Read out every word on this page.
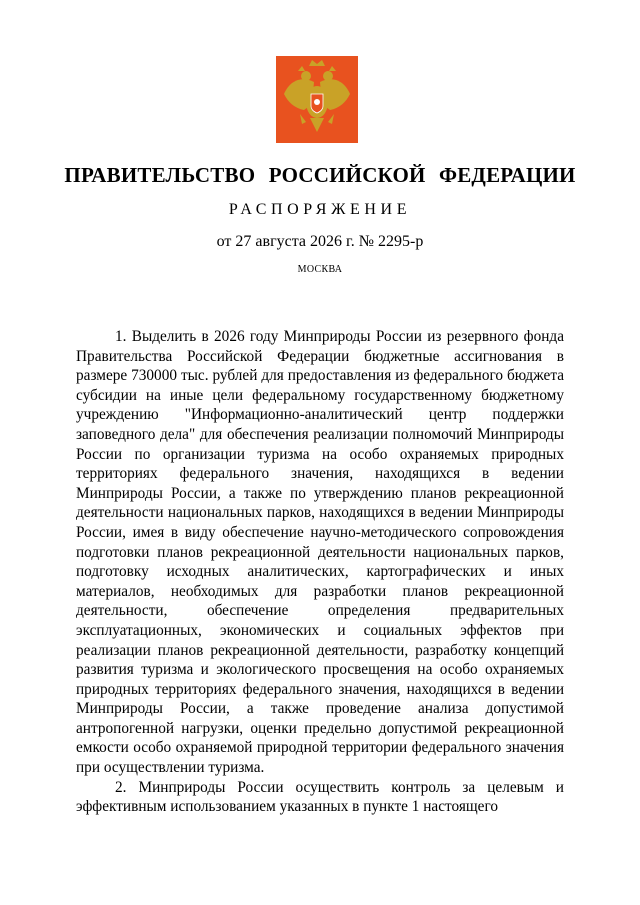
ПРАВИТЕЛЬСТВО РОССИЙСКОЙ ФЕДЕРАЦИИ
РАСПОРЯЖЕНИЕ
от 27 августа 2026 г. № 2295-р
МОСКВА

1. Выделить в 2026 году Минприроды России из резервного фонда Правительства Российской Федерации бюджетные ассигнования в размере 730000 тыс. рублей для предоставления из федерального бюджета субсидии на иные цели федеральному государственному бюджетному учреждению "Информационно-аналитический центр поддержки заповедного дела" для обеспечения реализации полномочий Минприроды России по организации туризма на особо охраняемых природных территориях федерального значения, находящихся в ведении Минприроды России, а также по утверждению планов рекреационной деятельности национальных парков, находящихся в ведении Минприроды России, имея в виду обеспечение научно-методического сопровождения подготовки планов рекреационной деятельности национальных парков, подготовку исходных аналитических, картографических и иных материалов, необходимых для разработки планов рекреационной деятельности, обеспечение определения предварительных эксплуатационных, экономических и социальных эффектов при реализации планов рекреационной деятельности, разработку концепций развития туризма и экологического просвещения на особо охраняемых природных территориях федерального значения, находящихся в ведении Минприроды России, а также проведение анализа допустимой антропогенной нагрузки, оценки предельно допустимой рекреационной емкости особо охраняемой природной территории федерального значения при осуществлении туризма.

2. Минприроды России осуществить контроль за целевым и эффективным использованием указанных в пункте 1 настоящего
